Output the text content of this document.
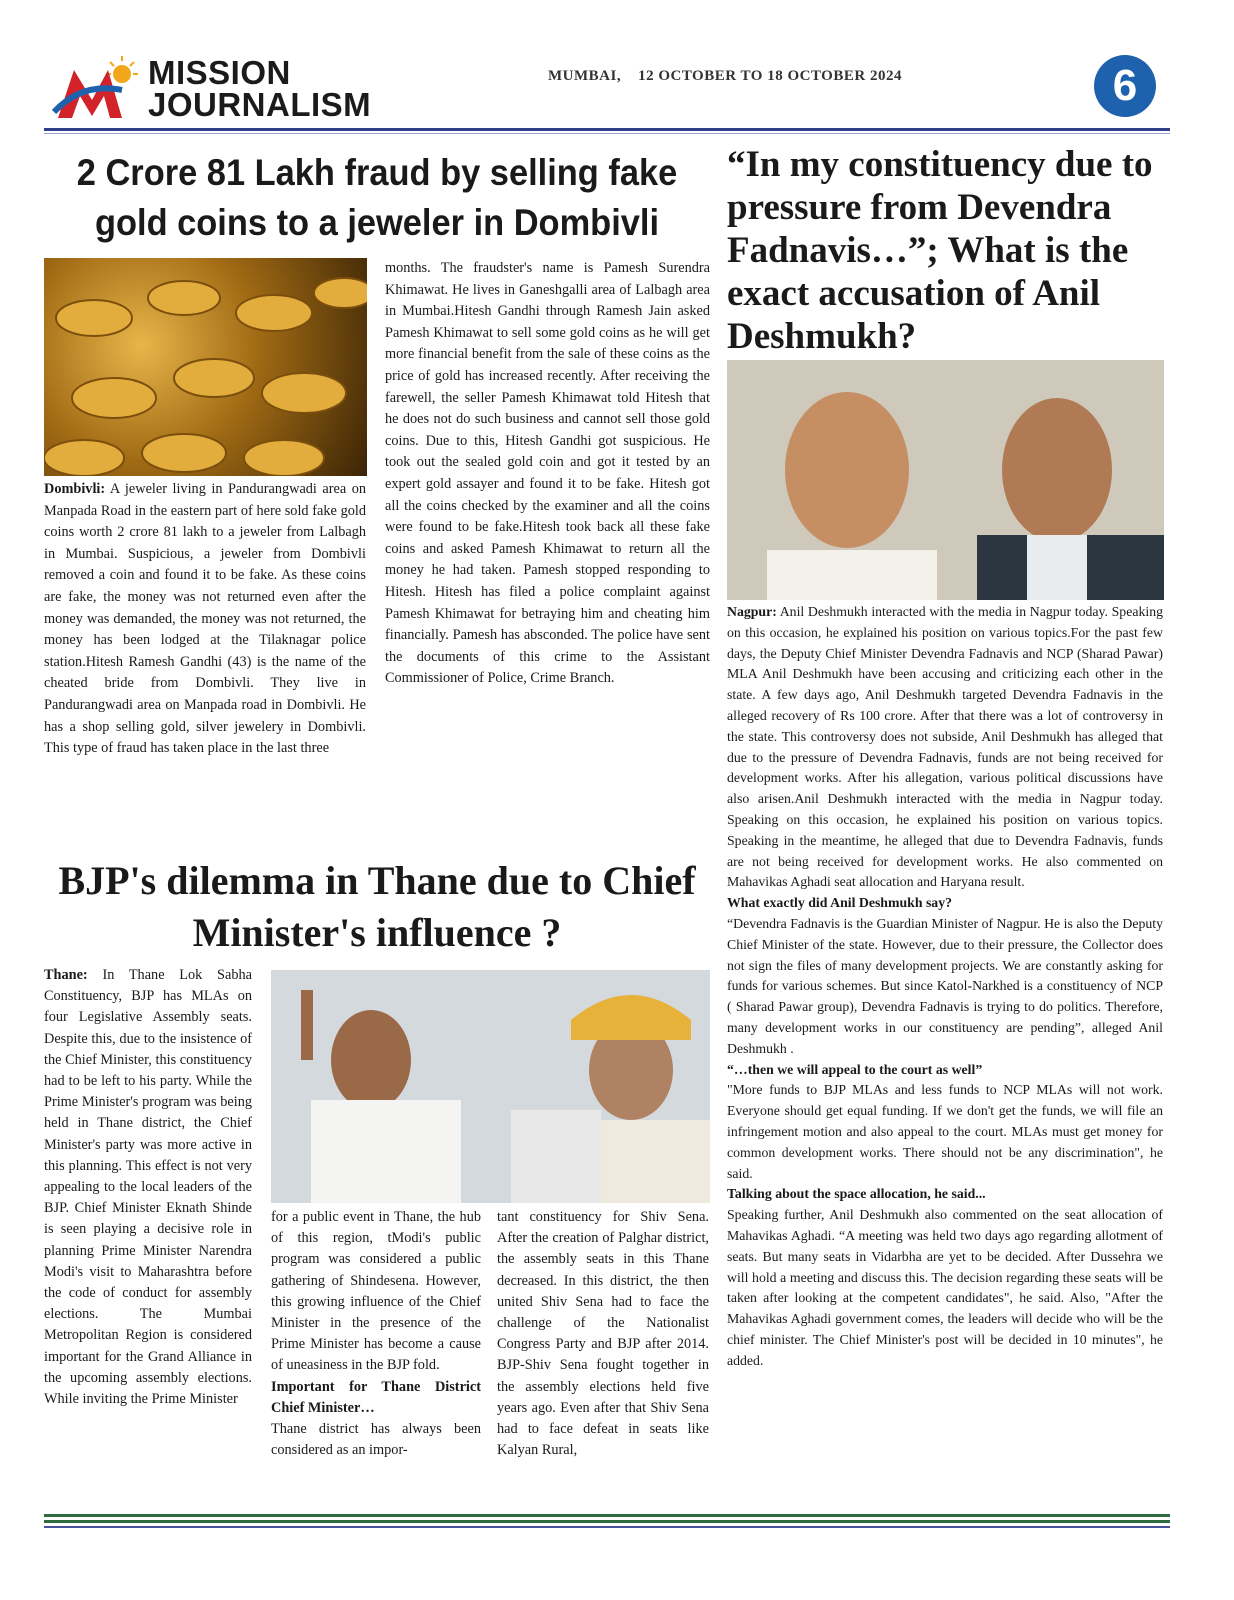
MISSION
JOURNALISM
MUMBAI,    12 OCTOBER TO 18 OCTOBER 2024	6
2 Crore 81 Lakh fraud by selling fake gold coins to a jeweler in Dombivli

Dombivli: A jeweler living in Pandurangwadi area on Manpada Road in the eastern part of here sold fake gold coins worth 2 crore 81 lakh to a jeweler from Lalbagh in Mumbai. Suspicious, a jeweler from Dombivli removed a coin and found it to be fake. As these coins are fake, the money was not returned even after the money was demanded, the money was not returned, the money has been lodged at the Tilaknagar police station.Hitesh Ramesh Gandhi (43) is the name of the cheated bride from Dombivli. They live in Pandurangwadi area on Manpada road in Dombivli. He has a shop selling gold, silver jewelery in Dombivli. This type of fraud has taken place in the last three

months. The fraudster's name is Pamesh Surendra Khimawat. He lives in Ganeshgalli area of Lalbagh area in Mumbai.Hitesh Gandhi through Ramesh Jain asked Pamesh Khimawat to sell some gold coins as he will get more financial benefit from the sale of these coins as the price of gold has increased recently. After receiving the farewell, the seller Pamesh Khimawat told Hitesh that he does not do such business and cannot sell those gold coins. Due to this, Hitesh Gandhi got suspicious. He took out the sealed gold coin and got it tested by an expert gold assayer and found it to be fake. Hitesh got all the coins checked by the examiner and all the coins were found to be fake.Hitesh took back all these fake coins and asked Pamesh Khimawat to return all the money he had taken. Pamesh stopped responding to Hitesh. Hitesh has filed a police complaint against Pamesh Khimawat for betraying him and cheating him financially. Pamesh has absconded. The police have sent the documents of this crime to the Assistant Commissioner of Police, Crime Branch.

“In my constituency due to pressure from Devendra Fadnavis…”; What is the exact accusation of Anil Deshmukh?

Nagpur: Anil Deshmukh interacted with the media in Nagpur today. Speaking on this occasion, he explained his position on various topics.For the past few days, the Deputy Chief Minister Devendra Fadnavis and NCP (Sharad Pawar) MLA Anil Deshmukh have been accusing and criticizing each other in the state. A few days ago, Anil Deshmukh targeted Devendra Fadnavis in the alleged recovery of Rs 100 crore. After that there was a lot of controversy in the state. This controversy does not subside, Anil Deshmukh has alleged that due to the pressure of Devendra Fadnavis, funds are not being received for development works. After his allegation, various political discussions have also arisen.Anil Deshmukh interacted with the media in Nagpur today. Speaking on this occasion, he explained his position on various topics. Speaking in the meantime, he alleged that due to Devendra Fadnavis, funds are not being received for development works. He also commented on Mahavikas Aghadi seat allocation and Haryana result.

What exactly did Anil Deshmukh say?

“Devendra Fadnavis is the Guardian Minister of Nagpur. He is also the Deputy Chief Minister of the state. However, due to their pressure, the Collector does not sign the files of many development projects. We are constantly asking for funds for various schemes. But since Katol-Narkhed is a constituency of NCP ( Sharad Pawar group), Devendra Fadnavis is trying to do politics. Therefore, many development works in our constituency are pending”, alleged Anil Deshmukh .

“…then we will appeal to the court as well”

"More funds to BJP MLAs and less funds to NCP MLAs will not work. Everyone should get equal funding. If we don't get the funds, we will file an infringement motion and also appeal to the court. MLAs must get money for common development works. There should not be any discrimination", he said.

Talking about the space allocation, he said...

Speaking further, Anil Deshmukh also commented on the seat allocation of Mahavikas Aghadi. “A meeting was held two days ago regarding allotment of seats. But many seats in Vidarbha are yet to be decided. After Dussehra we will hold a meeting and discuss this. The decision regarding these seats will be taken after looking at the competent candidates", he said. Also, "After the Mahavikas Aghadi government comes, the leaders will decide who will be the chief minister. The Chief Minister's post will be decided in 10 minutes", he added.

BJP's dilemma in Thane due to Chief Minister's influence ?

Thane: In Thane Lok Sabha Constituency, BJP has MLAs on four Legislative Assembly seats. Despite this, due to the insistence of the Chief Minister, this constituency had to be left to his party. While the Prime Minister's program was being held in Thane district, the Chief Minister's party was more active in this planning. This effect is not very appealing to the local leaders of the BJP. Chief Minister Eknath Shinde is seen playing a decisive role in planning Prime Minister Narendra Modi's visit to Maharashtra before the code of conduct for assembly elections. The Mumbai Metropolitan Region is considered important for the Grand Alliance in the upcoming assembly elections. While inviting the Prime Minister

for a public event in Thane, the hub of this region, tModi's public program was considered a public gathering of Shindesena. However, this growing influence of the Chief Minister in the presence of the Prime Minister has become a cause of uneasiness in the BJP fold.

Important for Thane District Chief Minister…

Thane district has always been considered as an impor-

tant constituency for Shiv Sena. After the creation of Palghar district, the assembly seats in this Thane decreased. In this district, the then united Shiv Sena had to face the challenge of the Nationalist Congress Party and BJP after 2014. BJP-Shiv Sena fought together in the assembly elections held five years ago. Even after that Shiv Sena had to face defeat in seats like Kalyan Rural,
